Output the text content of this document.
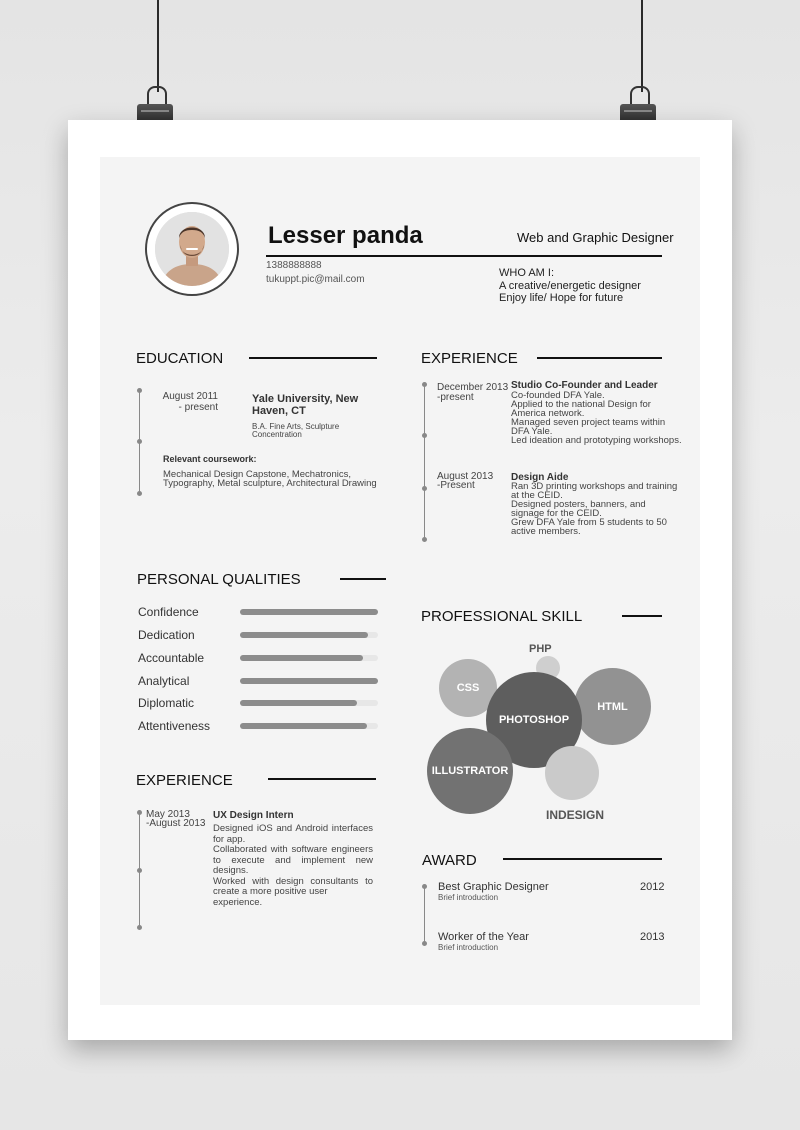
Lesser panda	Web and Graphic Designer
1388888888
tukuppt.pic@mail.com
WHO AM I:
A creative/energetic designer
Enjoy life/ Hope for future
EDUCATION
August 2011
- present
Yale University, New
Haven, CT
B.A. Fine Arts, Sculpture
Concentration
Relevant coursework:
Mechanical Design Capstone, Mechatronics,
Typography, Metal sculpture, Architectural Drawing
EXPERIENCE
December 2013
-present
Studio Co-Founder and Leader
Co-founded DFA Yale.
Applied to the national Design for
America network.
Managed seven project teams within
DFA Yale.
Led ideation and prototyping workshops.
August 2013
-Present
Design Aide
Ran 3D printing workshops and training
at the CEID.
Designed posters, banners, and
signage for the CEID.
Grew DFA Yale from 5 students to 50
active members.
PERSONAL QUALITIES
Confidence
Dedication
Accountable
Analytical
Diplomatic
Attentiveness
EXPERIENCE
May 2013
-August 2013
UX Design Intern
Designed iOS and Android interfaces
for app.
Collaborated with software engineers
to execute and implement new
designs.
Worked with design consultants to
create a more positive user experience.
PROFESSIONAL SKILL
PHP
CSS
HTML
PHOTOSHOP
ILLUSTRATOR
INDESIGN
AWARD
Best Graphic Designer
Brief introduction
2012
Worker of the Year
Brief introduction
2013
